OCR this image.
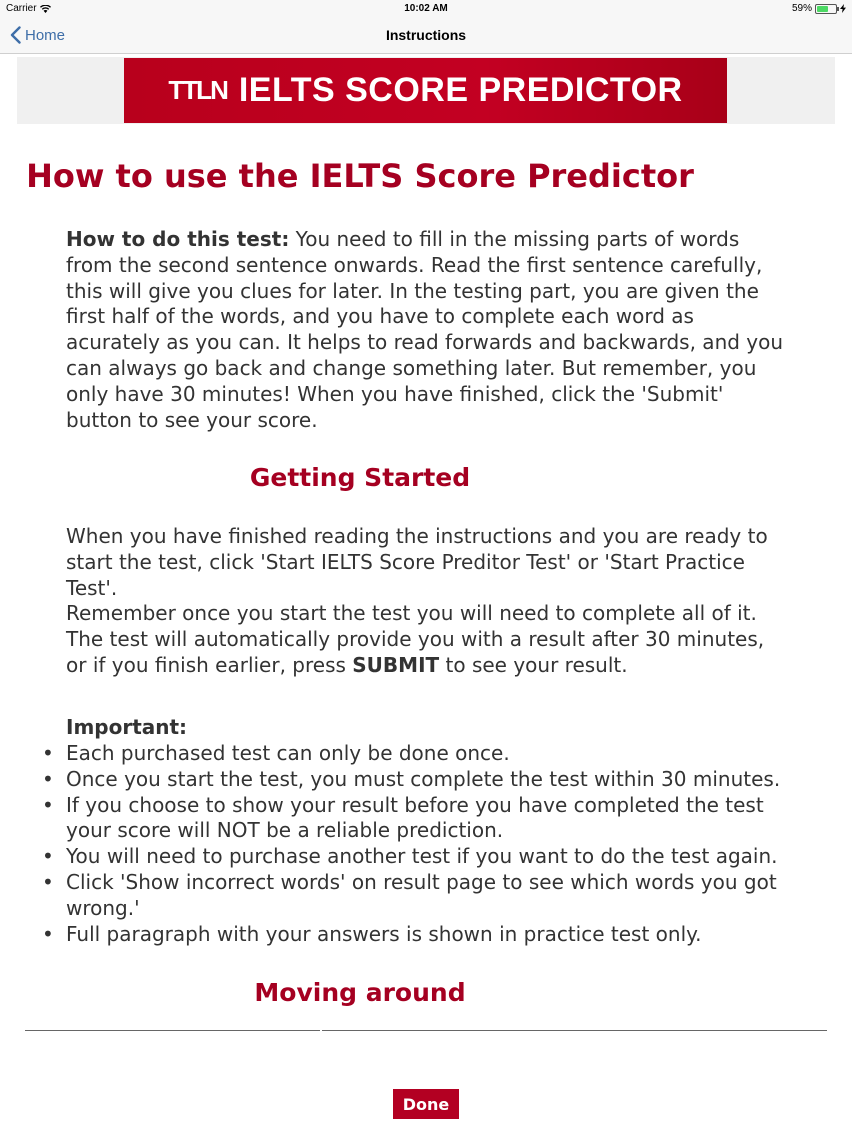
Carrier	10:02 AM	59%
Home	Instructions
TTLN IELTS SCORE PREDICTOR
How to use the IELTS Score Predictor

How to do this test: You need to fill in the missing parts of words from the second sentence onwards. Read the first sentence carefully, this will give you clues for later. In the testing part, you are given the first half of the words, and you have to complete each word as acurately as you can. It helps to read forwards and backwards, and you can always go back and change something later. But remember, you only have 30 minutes! When you have finished, click the 'Submit' button to see your score.

When you have finished reading the instructions and you are ready to start the test, click 'Start IELTS Score Preditor Test' or 'Start Practice Test'.

Remember once you start the test you will need to complete all of it. The test will automatically provide you with a result after 30 minutes, or if you finish earlier, press SUBMIT to see your result.

Important:

• Each purchased test can only be done once.
• Once you start the test, you must complete the test within 30 minutes.
• If you choose to show your result before you have completed the test your score will NOT be a reliable prediction.
• You will need to purchase another test if you want to do the test again.
• Click 'Show incorrect words' on result page to see which words you got wrong.'
• Full paragraph with your answers is shown in practice test only.
Getting Started
Moving around
Done
